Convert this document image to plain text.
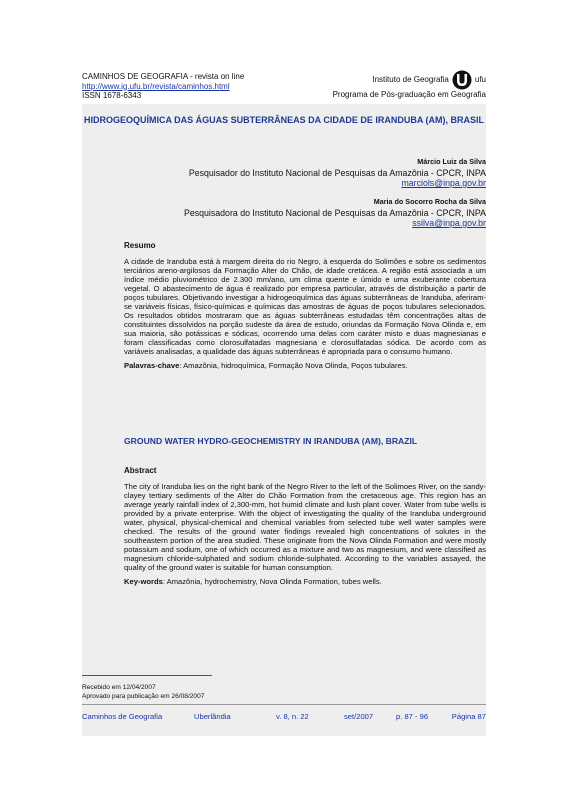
CAMINHOS DE GEOGRAFIA - revista on line
http://www.ig.ufu.br/revista/caminhos.html
ISSN 1678-6343
Instituto de Geografia	ufu
Programa de Pós-graduação em Geografia
HIDROGEOQUÍMICA DAS ÁGUAS SUBTERRÂNEAS DA CIDADE DE IRANDUBA (AM), BRASIL
Márcio Luiz da Silva
Pesquisador do Instituto Nacional de Pesquisas da Amazônia - CPCR, INPA
marciols@inpa.gov.br
Maria do Socorro Rocha da Silva
Pesquisadora do Instituto Nacional de Pesquisas da Amazônia - CPCR, INPA
ssilva@inpa.gov.br
Resumo
A cidade de Iranduba está à margem direita do rio Negro, à esquerda do Solimões e sobre os sedimentos terciários areno-argilosos da Formação Alter do Chão, de idade cretácea. A região está associada a um índice médio pluviométrico de 2.300 mm/ano, um clima quente e úmido e uma exuberante cobertura vegetal. O abastecimento de água é realizado por empresa particular, através de distribuição a partir de poços tubulares. Objetivando investigar a hidrogeoquímica das águas subterrâneas de Iranduba, aferiram-se variáveis físicas, físico-químicas e químicas das amostras de águas de poços tubulares selecionados. Os resultados obtidos mostraram que as águas subterrâneas estudadas têm concentrações altas de constituintes dissolvidos na porção sudeste da área de estudo, oriundas da Formação Nova Olinda e, em sua maioria, são potássicas e sódicas, ocorrendo uma delas com caráter misto e duas magnesianas e foram classificadas como clorosulfatadas magnesiana e clorosulfatadas sódica. De acordo com as variáveis analisadas, a qualidade das águas subterrâneas é apropriada para o consumo humano.
Palavras-chave: Amazônia, hidroquímica, Formação Nova Olinda, Poços tubulares.
GROUND WATER HYDRO-GEOCHEMISTRY IN IRANDUBA (AM), BRAZIL
Abstract
The city of Iranduba lies on the right bank of the Negro River to the left of the Solimoes River, on the sandy-clayey tertiary sediments of the Alter do Chão Formation from the cretaceous age. This region has an average yearly rainfall index of 2,300-mm, hot humid climate and lush plant cover. Water from tube wells is provided by a private enterprise. With the object of investigating the quality of the Iranduba underground water, physical, physical-chemical and chemical variables from selected tube well water samples were checked. The results of the ground water findings revealed high concentrations of solutes in the southeastern portion of the area studied. These originate from the Nova Olinda Formation and were mostly potassium and sodium, one of which occurred as a mixture and two as magnesium, and were classified as magnesium chloride-sulphated and sodium chloride-sulphated. According to the variables assayed, the quality of the ground water is suitable for human consumption.
Key-words: Amazônia, hydrochemistry, Nova Olinda Formation, tubes wells.
Recebido em 12/04/2007
Aprovado para publicação em 26/08/2007
Caminhos de Geografia	Uberlândia	v. 8, n. 22	set/2007	p. 87 - 96	Página 87
